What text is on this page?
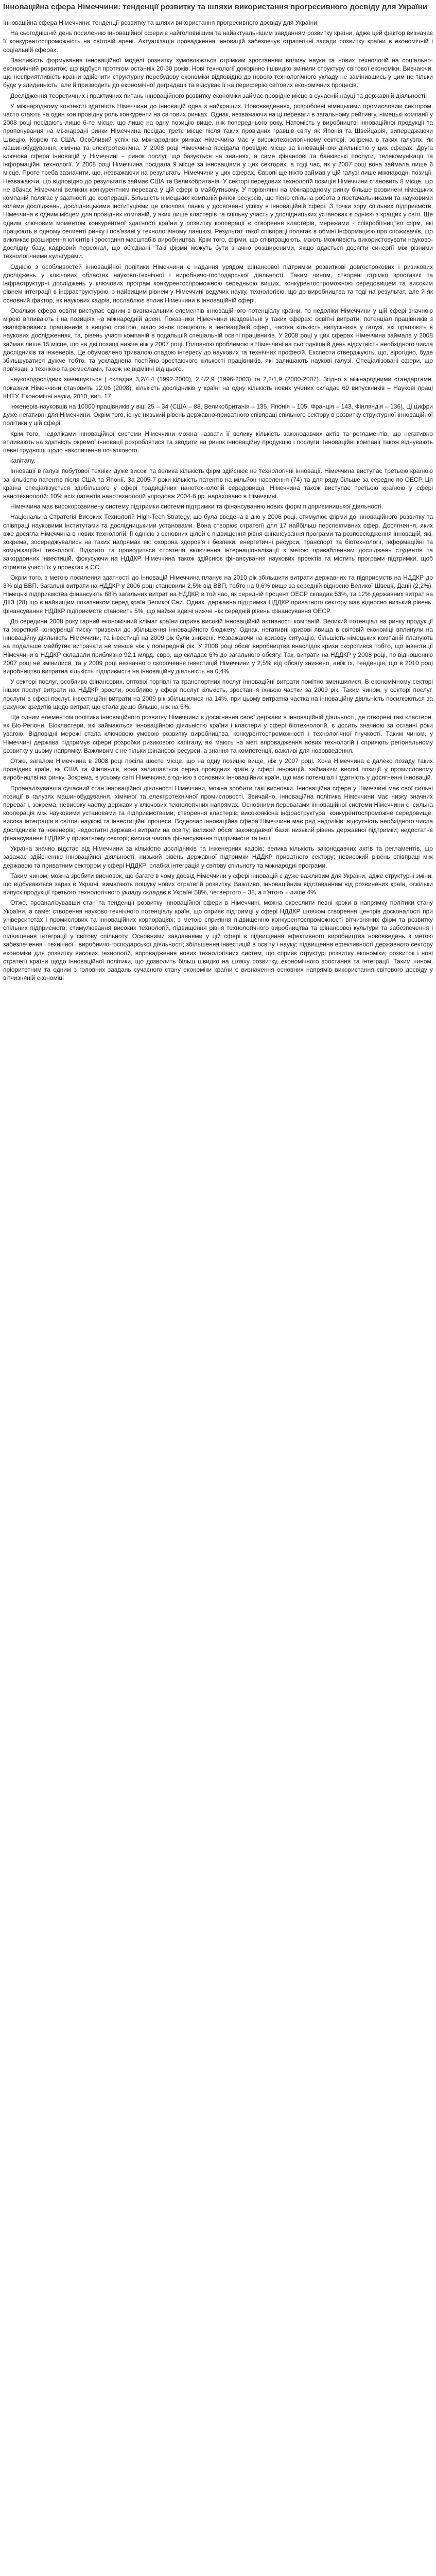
Інноваційна сфера Німеччини: тенденції розвитку та шляхи використання прогресивного досвіду для України

Інноваційна сфера Німеччини: тенденції розвитку та шляхи використання прогресивного досвіду для України

На сьогоднішній день посиленню інноваційної сфери є найголовнішим та найактуальнішим завданням розвитку країни, адже цей фактор визначає її конкурентоспроможність на світовій арені. Актуалізація провадження інновацій забезпечує стратегічні засади розвитку країни в економічній і соціальній сферах.

Важливість формування інноваційної моделі розвитку зумовлюється стрімким зростанням впливу науки та нових технологій на соціально-економічний розвиток, що відбуся протягом останніх 20-30 років. Нові технології докорінно і швидко змінили структуру світової економіки. Вивчаючи, що несприятливість країни здійснити структурну перебудову економіки відповідно до нового технологічного укладу не замінившись у цим не тільки буде у злиденність, але й призводить до економічної деградації та відсуває її на периферію світових економічних процесів.

Дослідження теоретичних і практичних питань інноваційного розвитку економіки займає провідне місце в сучасній науці та державній діяльності.

У міжнародному контексті здатність Німеччини до інновацій одна з найкращих. Нововведеннях, розроблені німецькими промисловим сектором, часто стають на один кон провідну роль конкуренти на світових ринках. Однак, незважаючи на ці переваги в загальному рейтингу, німецькі компанії у 2008 році посідають лише 6-те місце, що лише на одну позицію вище, ніж попереднього року. Натомість у виробництві інноваційної продукції та пропонування на міжнародні ринки Німеччина посідає третє місце після таких провідних гравців світу як Японія та Швейцарія, випереджаючи Швецію, Корею та США. Особливий успіх на міжнародних ринках Німеччина має у високотехнологічному секторі, зокрема в таких галузях, як машинобудування, хімічна та електротехнічна. У 2008 році Німеччина посідала провідне місце за інноваційною діяльністю у цих сферах. Друга ключова сфера інновацій у Німеччині – ринок послуг, що базується на знаннях, а саме фінансові та банківські послуги, телекомунікації та інформаційні технології. У 2008 році Німеччина посідала 9 місце за інноваціями у цих секторах, а тоді час, як у 2007 році вона займала лише 6 місце. Проте треба зазначити, що, незважаючи на результаты Німеччини у цих сферах, Європі ще ніхто займав у цій галузі лише міжнародні позиції. Незважаючи, що відповідно до результатів займає США та Великобританія. У секторі передових технологій позиція Німеччини становить 8 місце, що не вбачає Німеччині великих конкурентним перевага у цій сфері в майбутньому. У порівнянні на міжнародному ринку більше розвинені німецьких компаній полягає у здатності до кооперації. Більшість німецьких компаній ринок ресурсів, що тісно спільна робота з постачальниками та науковими колами досліджень, дослідницькими інституціями це ключова ланка у досягненні успіху в інноваційній сфері. З точки зору спільних підприємств, Німеччина є одним місцем для провідних компаній, у яких лише кластерів та спільну участь у дослідницьких установах є однією з кращих у світі. Ще одним ключовим моментом конкурентної здатності країни у розвитку кооперації є створення кластерів, мережами - співробітництво фірм, які працюють в одному сегменті ринку і пов'язані у технологічному ланцюзі. Результат такої співпраці полягає в обміні інформацією про споживачів, що викликає розширення клієнтів і зростання масштабів виробництва. Крім того, фірми, що співпрацюють, мають можливість використовувати науково-дослідну базу, кадровий персонал, що об'єднані. Такі фірми можуть бути значно розширеними, якщо вдається досягти синергії між різними технологічними культурами.

Однією з особливостей інноваційної політики Німеччини є надання урядом фінансової підтримки розвиткові довгострокових і ризикових досліджень у ключових областях науково-технічної і виробничо-господарської діяльності. Таким чином, створені стрімко зростаючі та інфраструктурні досліджень у ключових програм конкурентоспроможною середньою вищих, конкурентоспроможною середовищем та високим рівнем інтеграції в інфраструктурою, з найвищим рівнем у Німеччині ведучих науку, технологією, що до виробництва та тоді на результат, але й як основний фактор, як наукових кадрів, послаблює вплив Німеччини в інноваційній сфері.

Оскільки сфера освіти виступає одним з визначальних елементів інноваційного потенціалу країни, то недоліки Німеччини у цій сфері значною мірою впливають і на позиціях на міжнародній арені. Показники Німеччини нездовільні у таких сферах: освітні витрати, потенціал працівників з кваліфікованих працівників з вищою освітою, мало жінок працюють в інноваційній сфері, частка кількість випускників у галузі, які працюють в наукових дослідженнях, та, рівень участі компаній в подальшій спеціальній освіті працівників. У 2008 році у цих сферах Німеччина займала у 2008 займає лише 15 місце, що на дві позиції нижче ніж у 2007 році. Головною проблемою в Німеччині на сьогоднішній день відсутність необхідного числа дослідників та інженерів. Це обумовлено тривалою спадою інтересу до наукових та технічних професій. Експерти стверджують, що, вірогідно, буде збільшуватися дужче тобто, та ускладнена постійно зростаючого кількості працівників, які залишають наукові галузі. Спеціалізовані сфери, що пов'язані з технікою та ремеслами, також не відмінні від цього.

науководослідник зменшується | складав 3,2/4,4 (1992-2000), 2,4/2,9 (1996-2003) та 2,2/1,9 (2000-2007). Згідно з міжнародними стандартами, показник Німеччини становить 12,06 (2008), кількість дослідників у країні на одну кількість нових учених складає 69 випускників – Наукові праці КНТУ. Економічні науки, 2010, вип. 17

інженерів-науковців на 10000 працівників у віці 25 – 34 (США – 88, Великобританія – 135, Японія – 105, Франція – 143, Фінляндія – 136). Ці цифри дуже негативні для Німеччини. Окрім того, існує низький рівень державно-приватного співпраці спільного сектору в розвитку структурної інноваційної політики у цій сфері.

Крім того, недоліками інноваційної системи Німеччини можна назвати її велику кількість законодавчих актів та регламентів, що негативно впливають на здатність окремої інновації розроблятися та зводити на ринок інноваційну продукцію і послуги. Інноваційні компанії також відчувають певні труднощі щодо накопичення початкового

капіталу.

Інновації в галузі побутової техніки дуже високі та велика кількість фірм здійснює не технологічні інновації. Німеччина виступає третьою країною за кількістю патентів після США та Японії. За 2005-7 роки кількість патентів на мільйон населення (74) та для ряду більше за середнє по ОЕСР. Ця країна спеціалізується здебільшого у сфері традиційних нанотехнологій середовища. Німеччина також виступає третьою країною у сфері нанотехнологій: 10% всіх патентів нанотехнологій упродовж 2004-6 рр. нараховано в Німеччині.

Німеччина має високорозвинену систему підтримки системи підтримки та фінансуванню нових форм підприємницької діяльності.

Національна Стратегія Високих Технологій High-Tech Strategy, що була введена в дію у 2006 році, стимулює фірми до інноваційного розвитку та співпраці науковими інститутами та дослідницькими установами. Вона створює стратегії для 17 найбільш перспективних сфер. Досягнення, яких вже досягла Німеччина в нових технологій. Її однією з основних цілей є підвищення рівня фінансування програми та розповсюдження інновацій, які, зокрема, зосереджувались на таких напрямах як: охорона здоров'я і безпеки, енергетичні ресурси, транспорт та біотехнології, інформаційні та комунікаційні технології. Відкрито та проводиться стратегія включення інтернаціоналізації з метою привабленням досліджень студентів та закордонних інвестицій, фокусуючи на НДДКР. Німеччина також здійснює фінансування наукових проектів та містить програми підтримки, щоб сприяти участі їх у проектах в ЄС.

Окрім того, з метою посилення здатності до інновацій Німеччина планує на 2010 рік збільшити витрати державних та підприємств на НДДКР до 3% від ВВП. Загальні витрати на НДДКР у 2006 році становили 2,5% від ВВП, тобто на 0,6% вище за середній відносно Великої Швеції, Данії (2,2%). Німецькі підприємства фінансують 68% загальних витрат на НДДКР, в той час, як середній процент ОЕСР складає 53%, та 12% державних витрат на ДІІЗ (28) що є найвищим показником серед країн Великої Єни. Однак, державна підтримка НДДКР приватного сектору має відносно низький рівень, фінансування НДДКР підприємств становить 5%, що майже вдвічі нижче ніж середній рівень фінансування ОЕСР.

До середини 2008 року гарний економічний клімат країни сприяв високій інноваційній активності компаній. Великий потенціал на ринку продукції та жорсткий конкуренції тиску призвели до збільшення інноваційного бюджету. Однак, негативні кризові явища в світовій економіці вплинули на інноваційну діяльність Німеччини, та інвестиції на 2009 рік були знижені. Незважаючи на кризову ситуацію, більшість німецьких компаній планують на подальше майбутнє витрачати не менше ніж у попередній рік. У 2008 році обсяг виробництва внаслідок кризи скоротився тобто, що інвестиції Німеччини в НДДКР складали приблизно 92,1 млрд. євро, що складає 6% до загального обсягу. Так, витрати на НДДКР у 2008 році, по відношенню 2007 році не змінилися, та у 2009 році незначного скорочення інвестицій Німеччини у 2,5% від обсягу знижено, аніж їх, тенденція, що в 2010 році виробництво витратна кількість підприємств на інноваційну діяльність на 0,4%.

У секторі послуг, особливо фінансових, оптової торгівлі та транспортних послуг інноваційні витрати помітно зменшилися. В економічному секторі інших послуг витрати на НДДКР зросли, особливо у сфері послуг кількість, зростання їхньою частки за 2009 рік. Таким чином, у секторі послуг, послуги в сфері послуг, інвестиційні витрати на 2009 рік збільшилися на 14%, при цьому витратна частка на інноваційну діяльність посилюються за рахунок кредитів щодо витрат, що стала дещо більше, ніж на 5%.

Ще одним елементом політики інноваційного розвитку Німеччини є досягнення своєї держави в інноваційній діяльності, де створені такі кластери, як Біо-Регіони. Біокластери, які займаються інноваційною діяльністю країни і кластери у сфері біотехнологій, є досить значною за останні роки увагою. Відповідні мережі стала ключовою умовою розвитку виробництва, конкурентоспроможності і технологічної гнучкості. Таким чином, у Німеччині держава підтримує сфери розробки ризикового капіталу, які мають на меті впровадження нових технологій і сприяють регіональному розвитку у цьому напрямку. Важливим є не тільки фінансові ресурси, а знання та компетенції, важливі для нововведення.

Отже, загалом Німеччина в 2008 році посіла шосте місце, що на одну позицію вище, ніж у 2007 році. Хоча Німеччина є далеко позаду таких провідних країн, як США та Фінляндія, вона залишається серед провідних країн у сфері інновацій, займаючи високі позиції у промисловому виробництві на ринку. Зокрема, в усьому світі Німеччина є однією з основних інноваційних країн, що має потенціал і здатність у досягненні інновацій.

Проаналізувавши сучасний стан інноваційної діяльності Німеччини, можна зробити такі висновки. Інноваційна сфера у Німеччині має свої сильні позиції в галузях машинобудування, хімічної та електротехнічної промисловості. Звичайно, інноваційна політика Німеччини має низку значних переваг і, зокрема, невисоку частку держави у ключових технологічних напрямах. Основними перевагами інноваційної системи Німеччини є: сильна кооперація між науковими установами та підприємствами; створення кластерів, високоякісна інфраструктура; конкурентоспроможне середовище; висока інтеграція в світові наукові та інвестиційні процеси. Водночас інноваційна сфера Німеччини має ряд недоліків: відсутність необхідного числа дослідників та інженерів; недостатні державні витрати на освіту; великий обсяг законодавчої бази; низький рівень державної підтримки; недостатнє фінансування НДДКР у приватному секторі; висока частка фінансування підприємств та інші.

Україна значно відстає від Німеччини за кількістю дослідників та інженерних кадрів; велика кількість законодавчих актів та регламентів, що заважає здійсненню інноваційної діяльності; низький рівень державної підтримки НДДКР приватного сектору; невисокий рівень співпраці між державою та приватним сектором у сфері НДДКР; слабка інтеграція у світову спільноту та міжнародні програми.

Таким чином, можна зробити висновок, що багато в чому досвід Німеччини у сфері інновацій є дуже важливим для України, адже структурні зміни, що відбуваються зараз в Україні, вимагають пошуку нових стратегій розвитку. Важливо, інноваційним відставанням від розвинених країн, оскільки випуск продукції третього технологічного укладу складає в Україні 58%, четвертого – 38, а п'ятого – лише 4%.

Отже, проаналізувавши стан та тенденції розвитку інноваційної сфери в Німеччині, можна окреслити певні кроки в напрямку політики стану України, а саме: створення науково-технічного потенціалу країн, що сприяє підтримці у сфері НДДКР шляхом створення центрів досконалості при університетах і промислових та інноваційних корпораціях; з метою сприяння підвищенню конкурентоспроможності вітчизняних фірм та розвитку спільних підприємств; стимулювання високих технологій, підвищення рівня технологічного виробництва та фінансової культури та забезпечення і підвищення інтеграції у світову спільноту. Основними завданнями у цій сфері є підвищення ефективного виробництва нововведень з метою забезпечення і технічної і виробничо-господарської діяльності; збільшення інвестицій в освіту і науку; підвищення ефективності державного сектору економіки для розвитку високих технологій, впровадження нових технологічних систем, що сприяє структурі розвитку економіки; розвиток і нові стратегії країни щодо інноваційної політики, що дозволить більш швидко на шляху розвитку, економічного зростання та інтеграції. Таким чином, пріоритетним та одним з головних завдань сучасного стану економіки країни є визначення основних напрямів використання світового досвіду у вітчизняній економіці
